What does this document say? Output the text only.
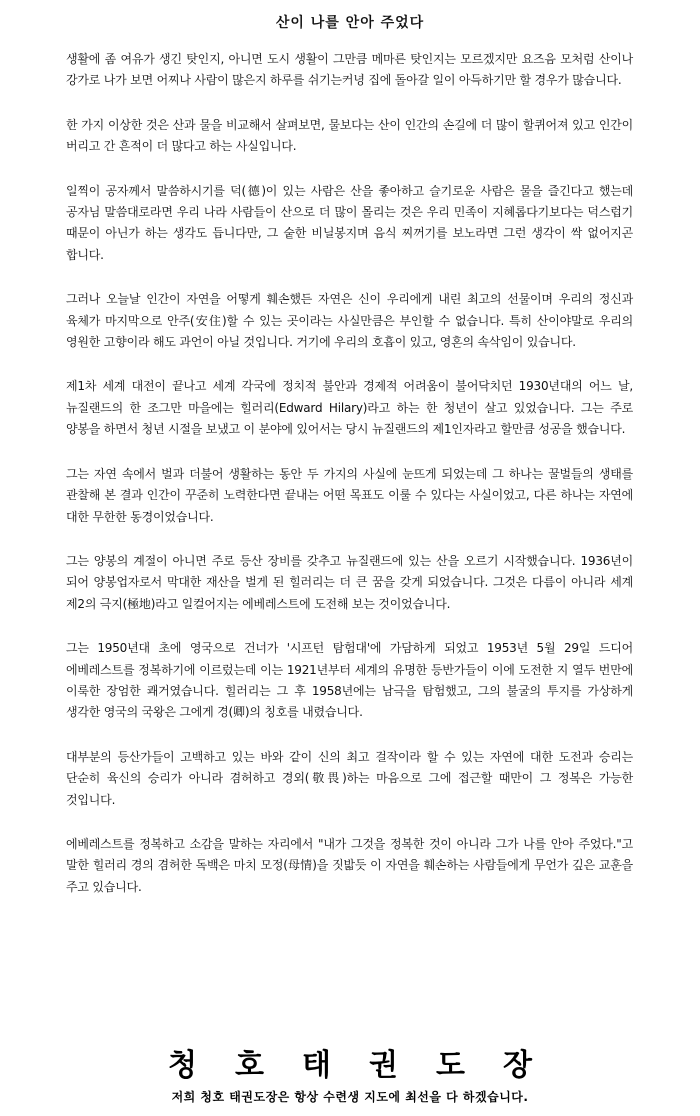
산이 나를 안아 주었다

생활에 좀 여유가 생긴 탓인지, 아니면 도시 생활이 그만큼 메마른 탓인지는 모르겠지만 요즈음 모처럼 산이나 강가로 나가 보면 어찌나 사람이 많은지 하루를 쉬기는커녕 집에 돌아갈 일이 아득하기만 할 경우가 많습니다.

한 가지 이상한 것은 산과 물을 비교해서 살펴보면, 물보다는 산이 인간의 손길에 더 많이 할퀴어져 있고 인간이 버리고 간 흔적이 더 많다고 하는 사실입니다.

일찍이 공자께서 말씀하시기를 덕(德)이 있는 사람은 산을 좋아하고 슬기로운 사람은 물을 즐긴다고 했는데 공자님 말씀대로라면 우리 나라 사람들이 산으로 더 많이 몰리는 것은 우리 민족이 지혜롭다기보다는 덕스럽기 때문이 아닌가 하는 생각도 듭니다만, 그 숱한 비닐봉지며 음식 찌꺼기를 보노라면 그런 생각이 싹 없어지곤 합니다.

그러나 오늘날 인간이 자연을 어떻게 훼손했든 자연은 신이 우리에게 내린 최고의 선물이며 우리의 정신과 육체가 마지막으로 안주(安住)할 수 있는 곳이라는 사실만큼은 부인할 수 없습니다. 특히 산이야말로 우리의 영원한 고향이라 해도 과언이 아닐 것입니다. 거기에 우리의 호흡이 있고, 영혼의 속삭임이 있습니다.

제1차 세계 대전이 끝나고 세계 각국에 정치적 불안과 경제적 어려움이 불어닥치던 1930년대의 어느 날, 뉴질랜드의 한 조그만 마을에는 힐러리(Edward Hilary)라고 하는 한 청년이 살고 있었습니다. 그는 주로 양봉을 하면서 청년 시절을 보냈고 이 분야에 있어서는 당시 뉴질랜드의 제1인자라고 할만큼 성공을 했습니다.

그는 자연 속에서 벌과 더불어 생활하는 동안 두 가지의 사실에 눈뜨게 되었는데 그 하나는 꿀벌들의 생태를 관찰해 본 결과 인간이 꾸준히 노력한다면 끝내는 어떤 목표도 이룰 수 있다는 사실이었고, 다른 하나는 자연에 대한 무한한 동경이었습니다.

그는 양봉의 계절이 아니면 주로 등산 장비를 갖추고 뉴질랜드에 있는 산을 오르기 시작했습니다. 1936년이 되어 양봉업자로서 막대한 재산을 벌게 된 힐러리는 더 큰 꿈을 갖게 되었습니다. 그것은 다름이 아니라 세계 제2의 극지(極地)라고 일컬어지는 에베레스트에 도전해 보는 것이었습니다.

그는 1950년대 초에 영국으로 건너가 '시프턴 탐험대'에 가담하게 되었고 1953년 5월 29일 드디어 에베레스트를 정복하기에 이르렀는데 이는 1921년부터 세계의 유명한 등반가들이 이에 도전한 지 열두 번만에 이룩한 장엄한 쾌거였습니다. 힐러리는 그 후 1958년에는 남극을 탐험했고, 그의 불굴의 투지를 가상하게 생각한 영국의 국왕은 그에게 경(卿)의 칭호를 내렸습니다.

대부분의 등산가들이 고백하고 있는 바와 같이 신의 최고 걸작이라 할 수 있는 자연에 대한 도전과 승리는 단순히 육신의 승리가 아니라 겸허하고 경외(敬畏)하는 마음으로 그에 접근할 때만이 그 정복은 가능한 것입니다.

에베레스트를 정복하고 소감을 말하는 자리에서 "내가 그것을 정복한 것이 아니라 그가 나를 안아 주었다."고 말한 힐러리 경의 겸허한 독백은 마치 모정(母情)을 짓밟듯 이 자연을 훼손하는 사람들에게 무언가 깊은 교훈을 주고 있습니다.

청호태권도장
저희 청호 태권도장은 항상 수련생 지도에 최선을 다 하겠습니다.
